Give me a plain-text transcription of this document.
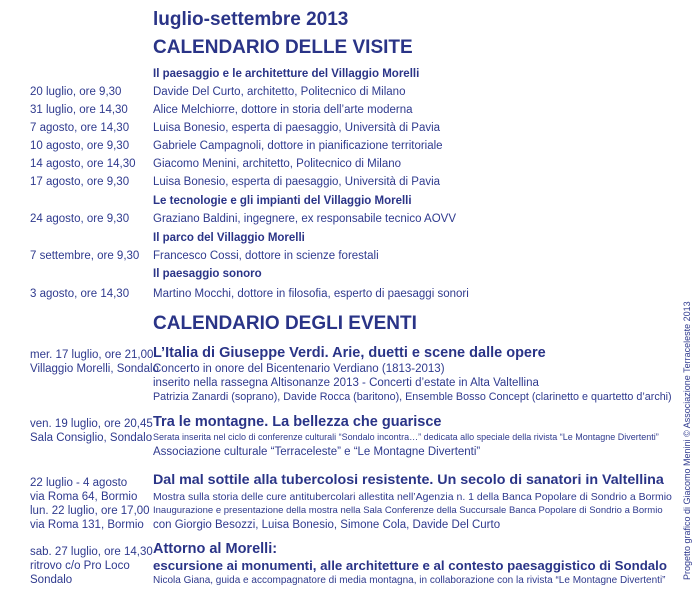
luglio-settembre 2013
CALENDARIO DELLE VISITE
Il paesaggio e le architetture del Villaggio Morelli
20 luglio, ore 9,30	Davide Del Curto, architetto, Politecnico di Milano
31 luglio, ore 14,30 Alice Melchiorre, dottore in storia dell’arte moderna
7 agosto, ore 14,30 Luisa Bonesio, esperta di paesaggio, Università di Pavia
10 agosto, ore 9,30 Gabriele Campagnoli, dottore in pianificazione territoriale
14 agosto, ore 14,30 Giacomo Menini, architetto, Politecnico di Milano
17 agosto, ore 9,30 Luisa Bonesio, esperta di paesaggio, Università di Pavia
Le tecnologie e gli impianti del Villaggio Morelli
24 agosto, ore 9,30 Graziano Baldini, ingegnere, ex responsabile tecnico AOVV
Il parco del Villaggio Morelli
7 settembre, ore 9,30 Francesco Cossi, dottore in scienze forestali
Il paesaggio sonoro
3 agosto, ore 14,30 Martino Mocchi, dottore in filosofia, esperto di paesaggi sonori
CALENDARIO DEGLI EVENTI
mer. 17 luglio, ore 21,00
Villaggio Morelli, Sondalo
L’Italia di Giuseppe Verdi. Arie, duetti e scene dalle opere
Concerto in onore del Bicentenario Verdiano (1813-2013)
inserito nella rassegna Altisonanze 2013 - Concerti d’estate in Alta Valtellina
Patrizia Zanardi (soprano), Davide Rocca (baritono), Ensemble Bosso Concept (clarinetto e quartetto d’archi)
ven. 19 luglio, ore 20,45
Sala Consiglio, Sondalo
Tra le montagne. La bellezza che guarisce
Serata inserita nel ciclo di conferenze culturali “Sondalo incontra…” dedicata allo speciale della rivista “Le Montagne Divertenti”
Associazione culturale “Terraceleste” e “Le Montagne Divertenti”
22 luglio - 4 agosto
via Roma 64, Bormio
lun. 22 luglio, ore 17,00
via Roma 131, Bormio
Dal mal sottile alla tubercolosi resistente. Un secolo di sanatori in Valtellina
Mostra sulla storia delle cure antitubercolari allestita nell’Agenzia n. 1 della Banca Popolare di Sondrio a Bormio
Inaugurazione e presentazione della mostra nella Sala Conferenze della Succursale Banca Popolare di Sondrio a Bormio
con Giorgio Besozzi, Luisa Bonesio, Simone Cola, Davide Del Curto
sab. 27 luglio, ore 14,30
ritrovo c/o Pro Loco
Sondalo
Attorno al Morelli:
escursione ai monumenti, alle architetture e al contesto paesaggistico di Sondalo
Nicola Giana, guida e accompagnatore di media montagna, in collaborazione con la rivista “Le Montagne Divertenti”
Progetto grafico di Giacomo Menini © Associazione Terraceleste 2013
